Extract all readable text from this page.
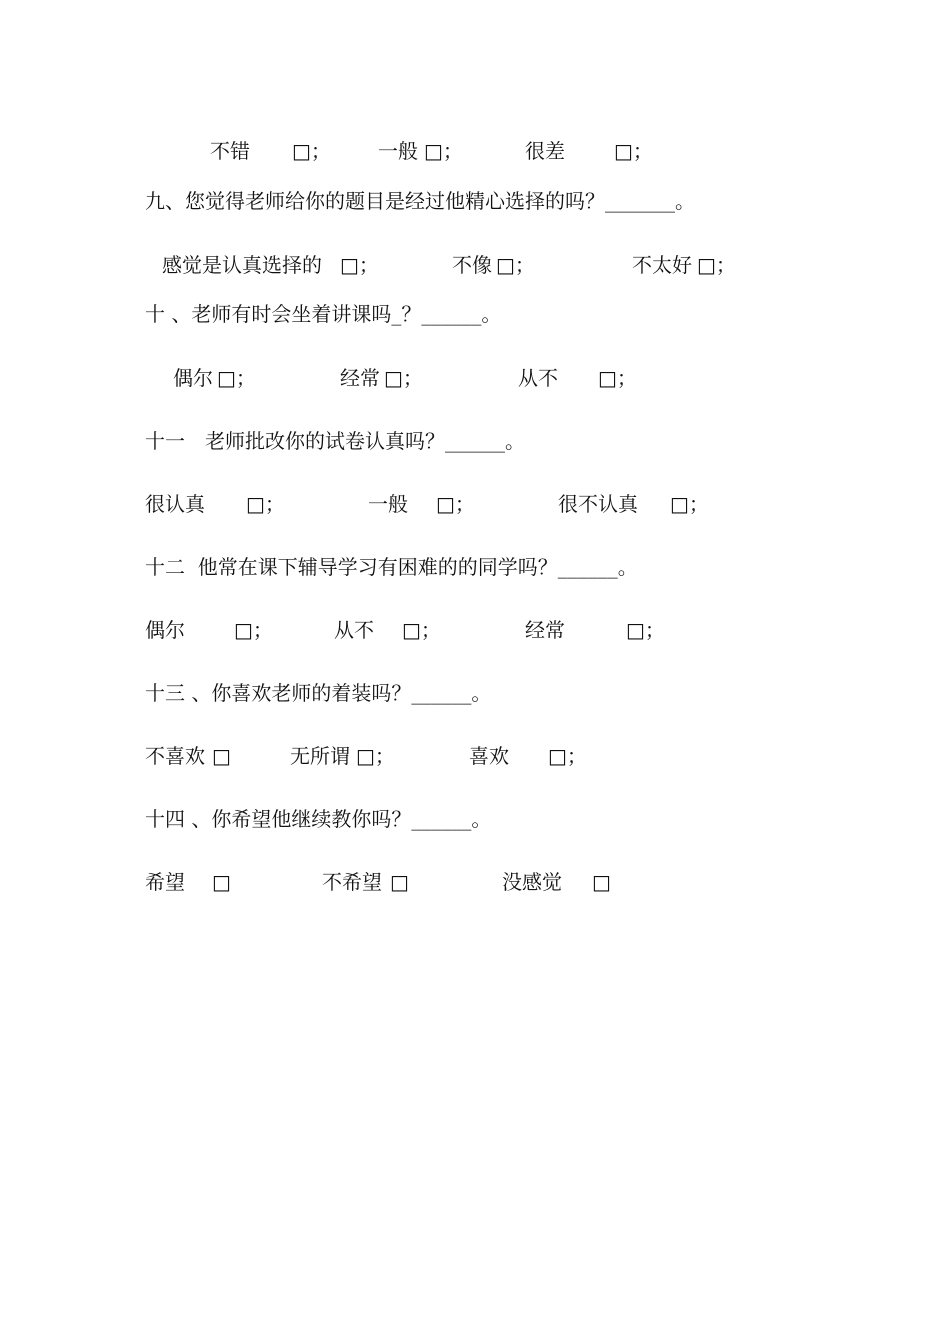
不错 □； 一般 □；	很差 □；
九、您觉得老师给你的题目是经过他精心选择的吗？_______。
感觉是认真选择的 □；	不像 □；	不太好 □；
十 、老师有时会坐着讲课吗_？______。
偶尔 □；	经常 □；	从不 □；
十一　老师批改你的试卷认真吗？______。
很认真 □；	一般 □；	很不认真 □；
十二  他常在课下辅导学习有困难的的同学吗？______。
偶尔 □；	从不 □；	经常	□；
十三 、你喜欢老师的着装吗？______。
不喜欢 □	无所谓 □；	喜欢 □；
十四 、你希望他继续教你吗？______。
希望 □	不希望 □	没感觉 □
